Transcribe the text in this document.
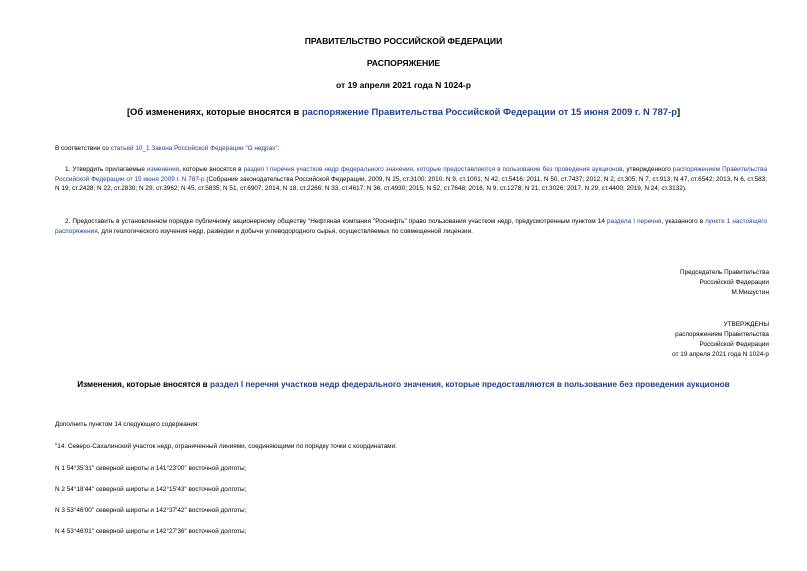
ПРАВИТЕЛЬСТВО РОССИЙСКОЙ ФЕДЕРАЦИИ
РАСПОРЯЖЕНИЕ
от 19 апреля 2021 года N 1024-р
[Об изменениях, которые вносятся в распоряжение Правительства Российской Федерации от 15 июня 2009 г. N 787-р]
В соответствии со статьей 10_1 Закона Российской Федерации "О недрах":
1. Утвердить прилагаемые изменения, которые вносятся в раздел I перечня участков недр федерального значения, которые предоставляются в пользование без проведения аукционов, утвержденного распоряжением Правительства Российской Федерации от 15 июня 2009 г. N 787-р (Собрание законодательства Российской Федерации, 2009, N 25, ст.3100; 2010, N 9, ст.1001; N 42, ст.5416; 2011, N 50, ст.7437; 2012, N 2, ст.305; N 7, ст.913; N 47, ст.6542; 2013, N 6, ст.583; N 19, ст.2428; N 22, ст.2830; N 29, ст.3962; N 45, ст.5835; N 51, ст.6907; 2014, N 18, ст.2266; N 33, ст.4617; N 36, ст.4930; 2015, N 52, ст.7648; 2016, N 9, ст.1278; N 21, ст.3026; 2017, N 29, ст.4400; 2019, N 24, ст.3132).
2. Предоставить в установленном порядке публичному акционерному обществу "Нефтяная компания "Роснефть" право пользования участком недр, предусмотренным пунктом 14 раздела I перечня, указанного в пункте 1 настоящего распоряжения, для геологического изучения недр, разведки и добычи углеводородного сырья, осуществляемых по совмещенной лицензии.
Председатель Правительства
Российской Федерации
М.Мишустин
УТВЕРЖДЕНЫ
распоряжением Правительства
Российской Федерации
от 19 апреля 2021 года N 1024-р
Изменения, которые вносятся в раздел I перечня участков недр федерального значения, которые предоставляются в пользование без проведения аукционов
Дополнить пунктом 14 следующего содержания:
"14. Северо-Сахалинский участок недр, ограниченный линиями, соединяющими по порядку точки с координатами:
N 1 54°35'31" северной широты и 141°23'00" восточной долготы;
N 2 54°18'44" северной широты и 142°15'43" восточной долготы;
N 3 53°46'00" северной широты и 142°37'42" восточной долготы;
N 4 53°46'01" северной широты и 142°27'36" восточной долготы;
